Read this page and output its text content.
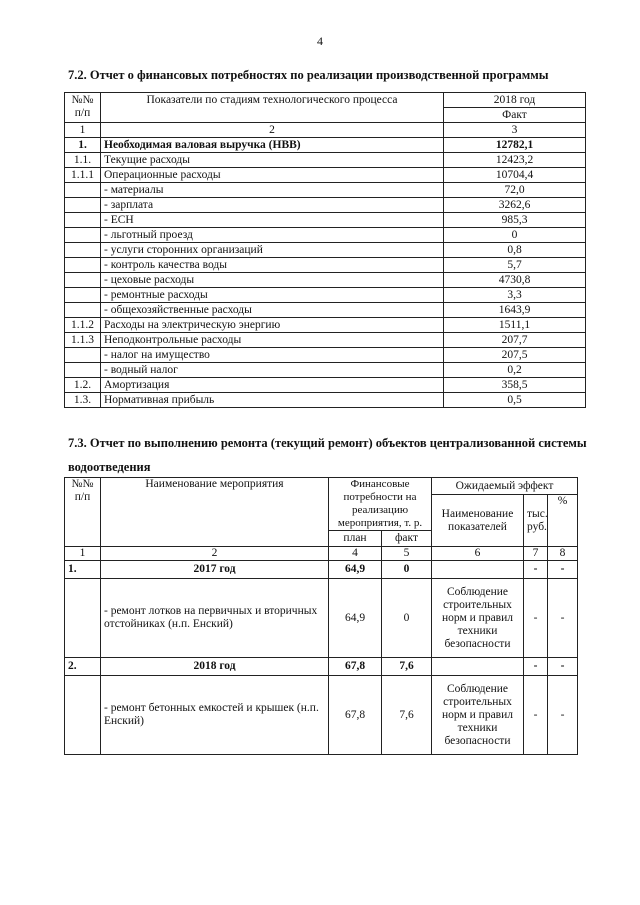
4
7.2. Отчет о финансовых потребностях по реализации производственной программы
№№ п/п	Показатели по стадиям технологического процесса	2018 год
		Факт
1	2	3
1.	Необходимая валовая выручка (НВВ)	12782,1
1.1.	Текущие расходы	12423,2
1.1.1	Операционные расходы	10704,4
	- материалы	72,0
	- зарплата	3262,6
	- ЕСН	985,3
	- льготный проезд	0
	- услуги сторонних организаций	0,8
	- контроль качества воды	5,7
	- цеховые расходы	4730,8
	- ремонтные расходы	3,3
	- общехозяйственные расходы	1643,9
1.1.2	Расходы на электрическую энергию	1511,1
1.1.3	Неподконтрольные расходы	207,7
	- налог на имущество	207,5
	- водный налог	0,2
1.2.	Амортизация	358,5
1.3.	Нормативная прибыль	0,5
7.3. Отчет по выполнению ремонта (текущий ремонт) объектов централизованной системы водоотведения
№№ п/п	Наименование мероприятия	Финансовые потребности на реализацию мероприятия, т. р.		Ожидаемый эффект		
				Наименование показателей	тыс. руб.	%
		план	факт			
1	2	4	5	6	7	8
1.	2017 год	64,9	0		-	-
	- ремонт лотков на первичных и вторичных отстойниках (н.п. Енский)	64,9	0	Соблюдение строительных норм и правил техники безопасности	-	-
2.	2018 год	67,8	7,6		-	-
	- ремонт бетонных емкостей и крышек (н.п. Енский)	67,8	7,6	Соблюдение строительных норм и правил техники безопасности	-	-
